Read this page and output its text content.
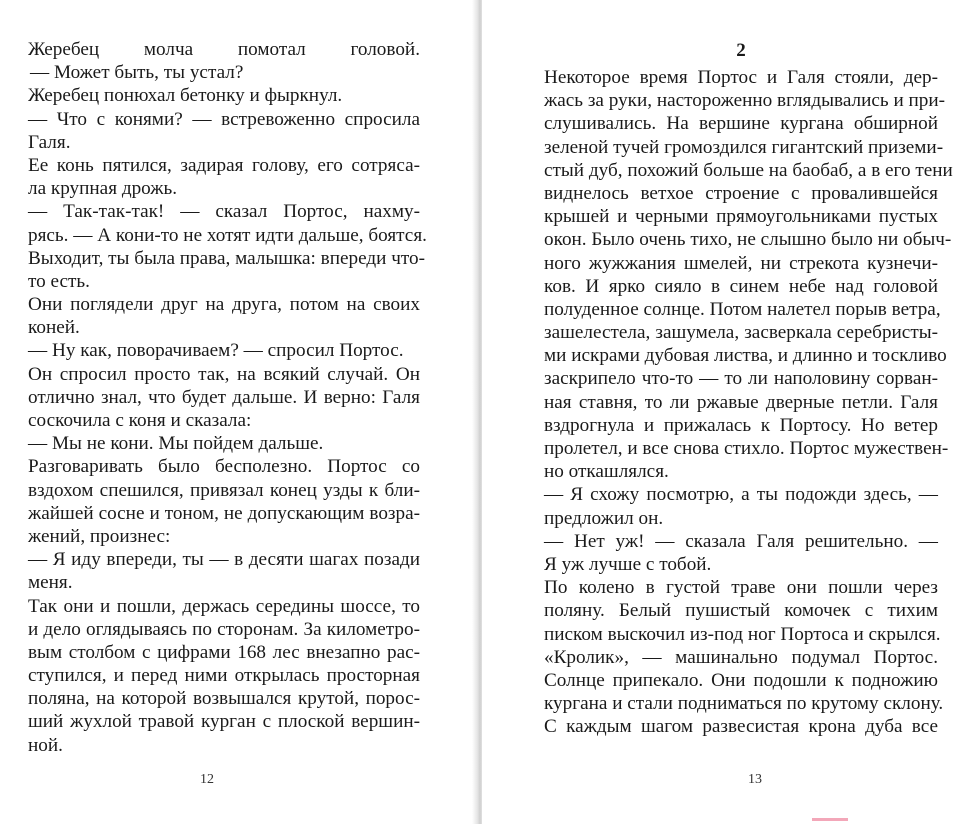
Жеребец молча помотал головой.
— Может быть, ты устал?
Жеребец понюхал бетонку и фыркнул.
— Что с конями? — встревоженно спросила
Галя.
Ее конь пятился, задирая голову, его сотряса-
ла крупная дрожь.
— Так-так-так! — сказал Портос, нахму-
рясь. — А кони-то не хотят идти дальше, боятся.
Выходит, ты была права, малышка: впереди что-
то есть.
Они поглядели друг на друга, потом на своих
коней.
— Ну как, поворачиваем? — спросил Портос.
Он спросил просто так, на всякий случай. Он
отлично знал, что будет дальше. И верно: Галя
соскочила с коня и сказала:
— Мы не кони. Мы пойдем дальше.
Разговаривать было бесполезно. Портос со
вздохом спешился, привязал конец узды к бли-
жайшей сосне и тоном, не допускающим возра-
жений, произнес:
— Я иду впереди, ты — в десяти шагах позади
меня.
Так они и пошли, держась середины шоссе, то
и дело оглядываясь по сторонам. За километро-
вым столбом с цифрами 168 лес внезапно рас-
ступился, и перед ними открылась просторная
поляна, на которой возвышался крутой, порос-
ший жухлой травой курган с плоской вершин-
ной.
12
2
Некоторое время Портос и Галя стояли, дер-
жась за руки, настороженно вглядывались и при-
слушивались. На вершине кургана обширной
зеленой тучей громоздился гигантский приземи-
стый дуб, похожий больше на баобаб, а в его тени
виднелось ветхое строение с провалившейся
крышей и черными прямоугольниками пустых
окон. Было очень тихо, не слышно было ни обыч-
ного жужжания шмелей, ни стрекота кузнечи-
ков. И ярко сияло в синем небе над головой
полуденное солнце. Потом налетел порыв ветра,
зашелестела, зашумела, засверкала серебристы-
ми искрами дубовая листва, и длинно и тоскливо
заскрипело что-то — то ли наполовину сорван-
ная ставня, то ли ржавые дверные петли. Галя
вздрогнула и прижалась к Портосу. Но ветер
пролетел, и все снова стихло. Портос мужествен-
но откашлялся.
— Я схожу посмотрю, а ты подожди здесь, —
предложил он.
— Нет уж! — сказала Галя решительно. —
Я уж лучше с тобой.
По колено в густой траве они пошли через
поляну. Белый пушистый комочек с тихим
писком выскочил из-под ног Портоса и скрылся.
«Кролик», — машинально подумал Портос.
Солнце припекало. Они подошли к подножию
кургана и стали подниматься по крутому склону.
С каждым шагом развесистая крона дуба все
13
